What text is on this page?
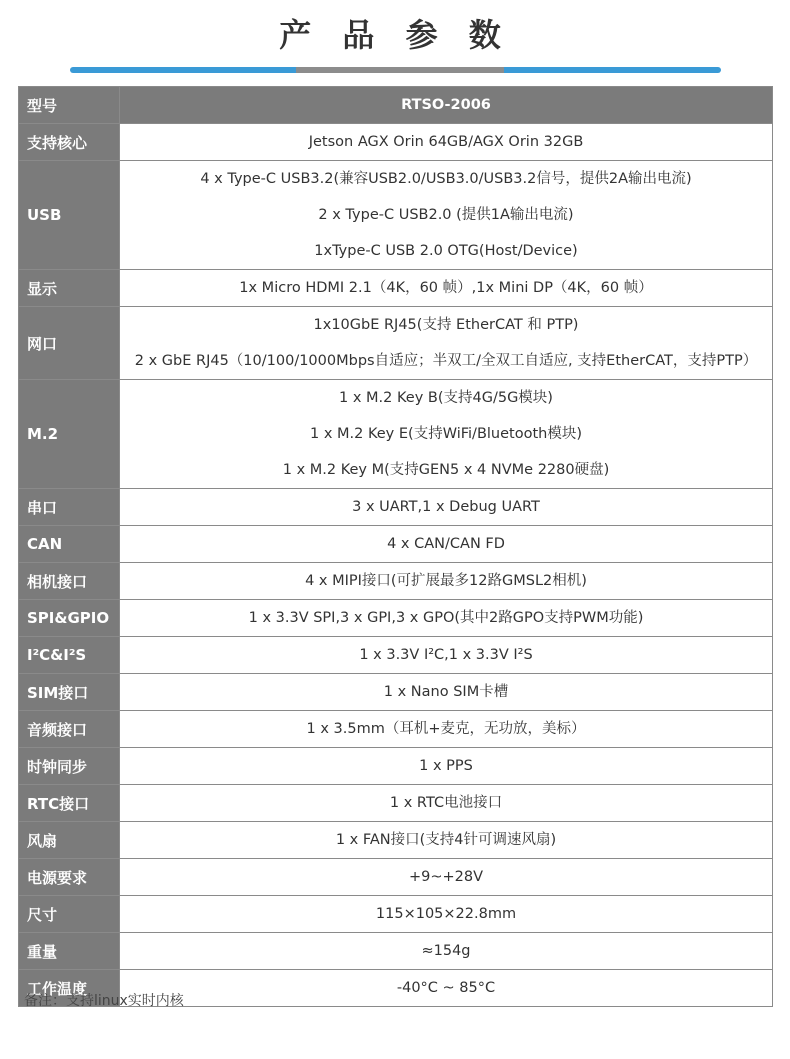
产 品 参 数
型号	RTSO-2006

支持核心	Jetson AGX Orin 64GB/AGX Orin 32GB

USB	4 x Type-C USB3.2(兼容USB2.0/USB3.0/USB3.2信号，提供2A输出电流)
2 x Type-C USB2.0 (提供1A输出电流)
1xType-C USB 2.0 OTG(Host/Device)

显示	1x Micro HDMI 2.1（4K，60 帧）,1x Mini DP（4K，60 帧）

网口	1x10GbE RJ45(支持 EtherCAT 和 PTP)
2 x GbE RJ45（10/100/1000Mbps自适应；半双工/全双工自适应, 支持EtherCAT，支持PTP）

M.2	1 x M.2 Key B(支持4G/5G模块)
1 x M.2 Key E(支持WiFi/Bluetooth模块)
1 x M.2 Key M(支持GEN5 x 4 NVMe 2280硬盘)

串口	3 x UART,1 x Debug UART

CAN	4 x CAN/CAN FD

相机接口	4 x MIPI接口(可扩展最多12路GMSL2相机)

SPI&GPIO	1 x 3.3V SPI,3 x GPI,3 x GPO(其中2路GPO支持PWM功能)

I²C&I²S	1 x 3.3V I²C,1 x 3.3V I²S

SIM接口	1 x Nano SIM卡槽

音频接口	1 x 3.5mm（耳机+麦克，无功放，美标）

时钟同步	1 x PPS

RTC接口	1 x RTC电池接口

风扇	1 x FAN接口(支持4针可调速风扇)

电源要求	+9~+28V

尺寸	115×105×22.8mm

重量	≈154g

工作温度	-40°C ~ 85°C
备注：支持linux实时内核
